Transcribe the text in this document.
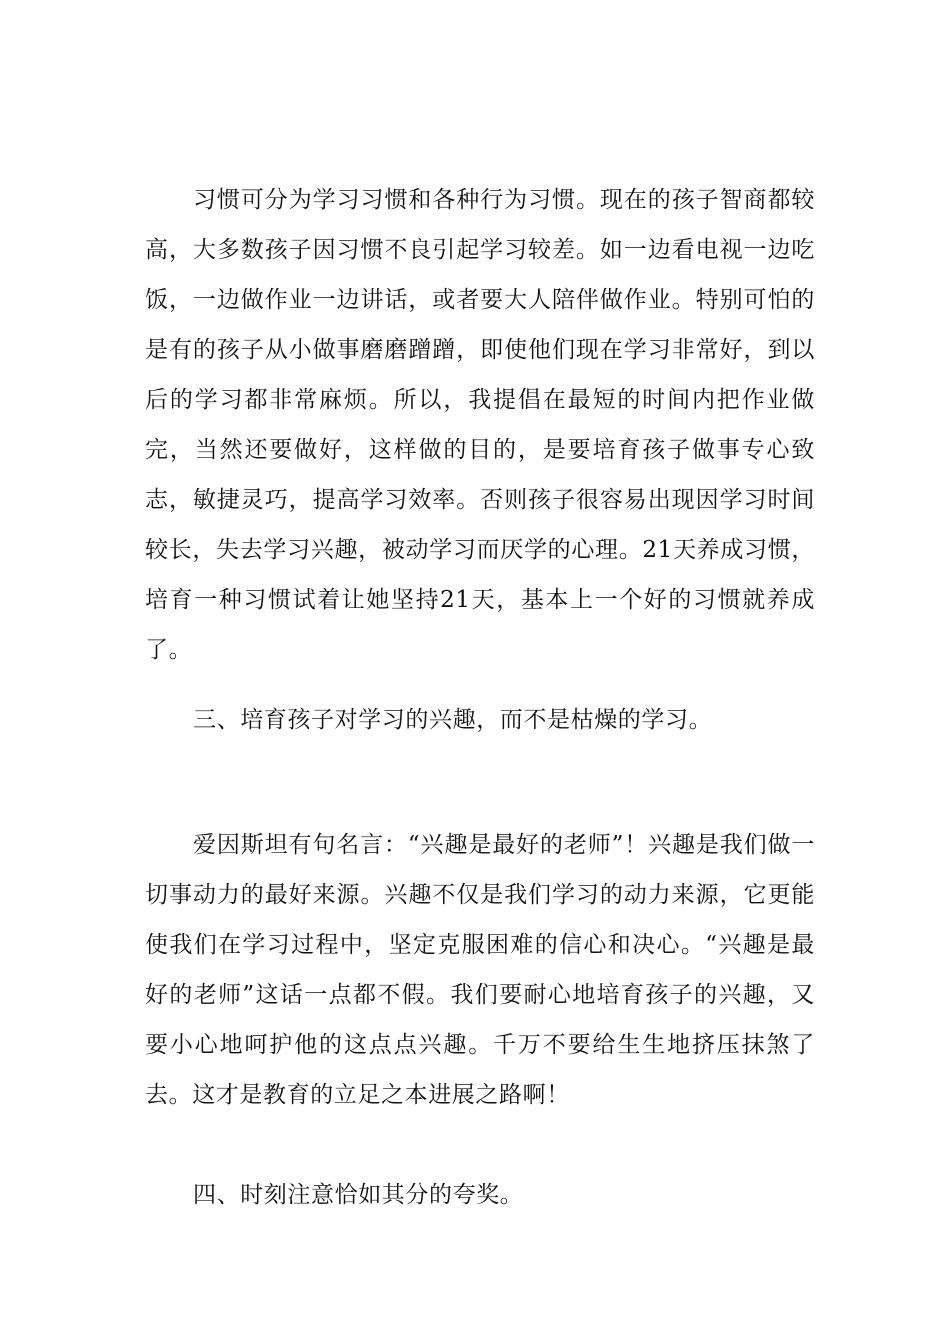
习惯可分为学习习惯和各种行为习惯。现在的孩子智商都较高，大多数孩子因习惯不良引起学习较差。如一边看电视一边吃饭，一边做作业一边讲话，或者要大人陪伴做作业。特别可怕的是有的孩子从小做事磨磨蹭蹭，即使他们现在学习非常好，到以后的学习都非常麻烦。所以，我提倡在最短的时间内把作业做完，当然还要做好，这样做的目的，是要培育孩子做事专心致志，敏捷灵巧，提高学习效率。否则孩子很容易出现因学习时间较长，失去学习兴趣，被动学习而厌学的心理。21天养成习惯，培育一种习惯试着让她坚持21天，基本上一个好的习惯就养成了。

三、培育孩子对学习的兴趣，而不是枯燥的学习。

爱因斯坦有句名言：“兴趣是最好的老师”！兴趣是我们做一切事动力的最好来源。兴趣不仅是我们学习的动力来源，它更能使我们在学习过程中，坚定克服困难的信心和决心。“兴趣是最好的老师”这话一点都不假。我们要耐心地培育孩子的兴趣，又要小心地呵护他的这点点兴趣。千万不要给生生地挤压抹煞了去。这才是教育的立足之本进展之路啊！

四、时刻注意恰如其分的夸奖。
